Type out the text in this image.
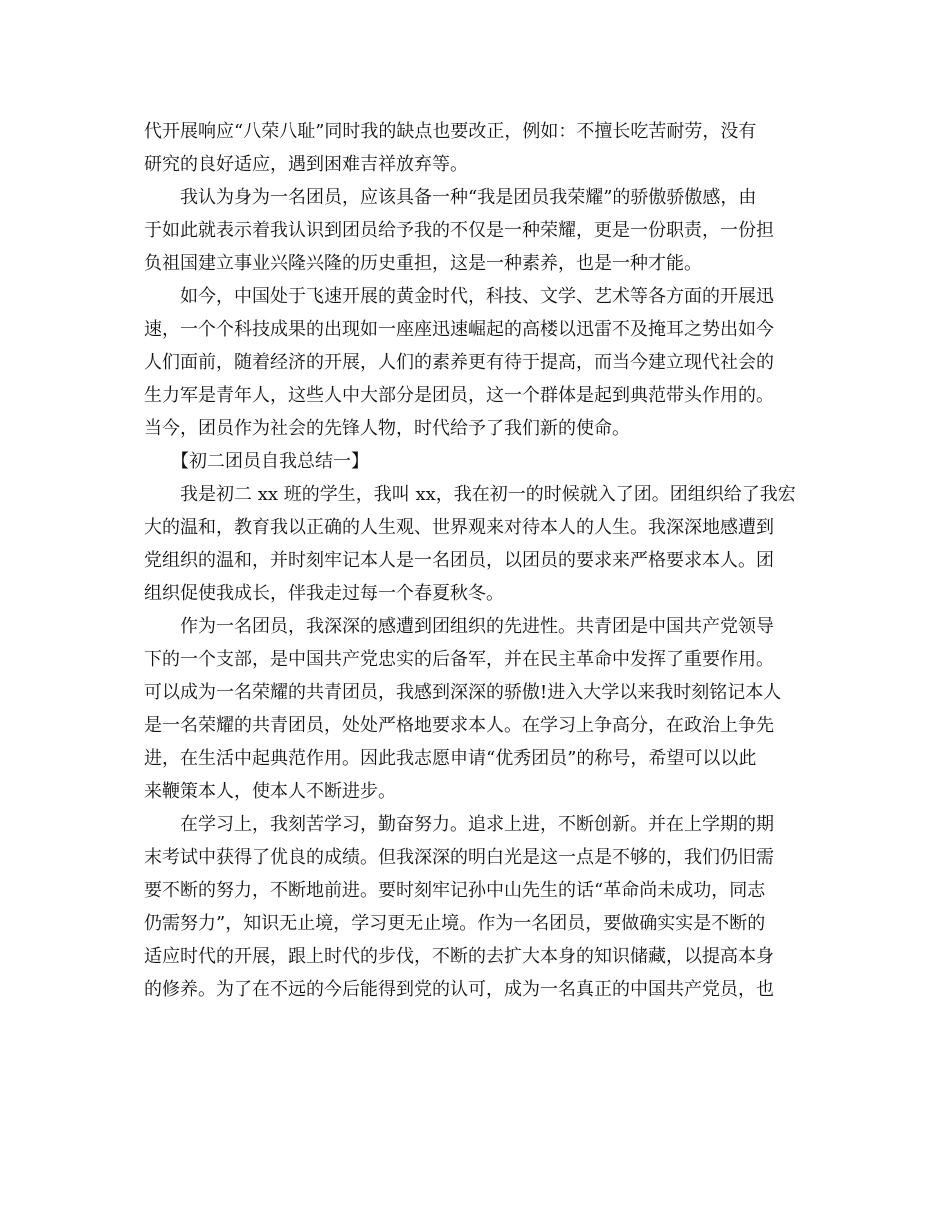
代开展响应“八荣八耻”同时我的缺点也要改正，例如：不擅长吃苦耐劳，没有
研究的良好适应，遇到困难吉祥放弃等。
我认为身为一名团员，应该具备一种“我是团员我荣耀”的骄傲骄傲感，由
于如此就表示着我认识到团员给予我的不仅是一种荣耀，更是一份职责，一份担
负祖国建立事业兴隆兴隆的历史重担，这是一种素养，也是一种才能。
如今，中国处于飞速开展的黄金时代，科技、文学、艺术等各方面的开展迅
速，一个个科技成果的出现如一座座迅速崛起的高楼以迅雷不及掩耳之势出如今
人们面前，随着经济的开展，人们的素养更有待于提高，而当今建立现代社会的
生力军是青年人，这些人中大部分是团员，这一个群体是起到典范带头作用的。
当今，团员作为社会的先锋人物，时代给予了我们新的使命。
【初二团员自我总结一】
我是初二 xx 班的学生，我叫 xx，我在初一的时候就入了团。团组织给了我宏
大的温和，教育我以正确的人生观、世界观来对待本人的人生。我深深地感遭到
党组织的温和，并时刻牢记本人是一名团员，以团员的要求来严格要求本人。团
组织促使我成长，伴我走过每一个春夏秋冬。
作为一名团员，我深深的感遭到团组织的先进性。共青团是中国共产党领导
下的一个支部，是中国共产党忠实的后备军，并在民主革命中发挥了重要作用。
可以成为一名荣耀的共青团员，我感到深深的骄傲!进入大学以来我时刻铭记本人
是一名荣耀的共青团员，处处严格地要求本人。在学习上争高分，在政治上争先
进，在生活中起典范作用。因此我志愿申请“优秀团员”的称号，希望可以以此
来鞭策本人，使本人不断进步。
在学习上，我刻苦学习，勤奋努力。追求上进，不断创新。并在上学期的期
末考试中获得了优良的成绩。但我深深的明白光是这一点是不够的，我们仍旧需
要不断的努力，不断地前进。要时刻牢记孙中山先生的话“革命尚未成功，同志
仍需努力”，知识无止境，学习更无止境。作为一名团员，要做确实实是不断的
适应时代的开展，跟上时代的步伐，不断的去扩大本身的知识储藏，以提高本身
的修养。为了在不远的今后能得到党的认可，成为一名真正的中国共产党员，也
